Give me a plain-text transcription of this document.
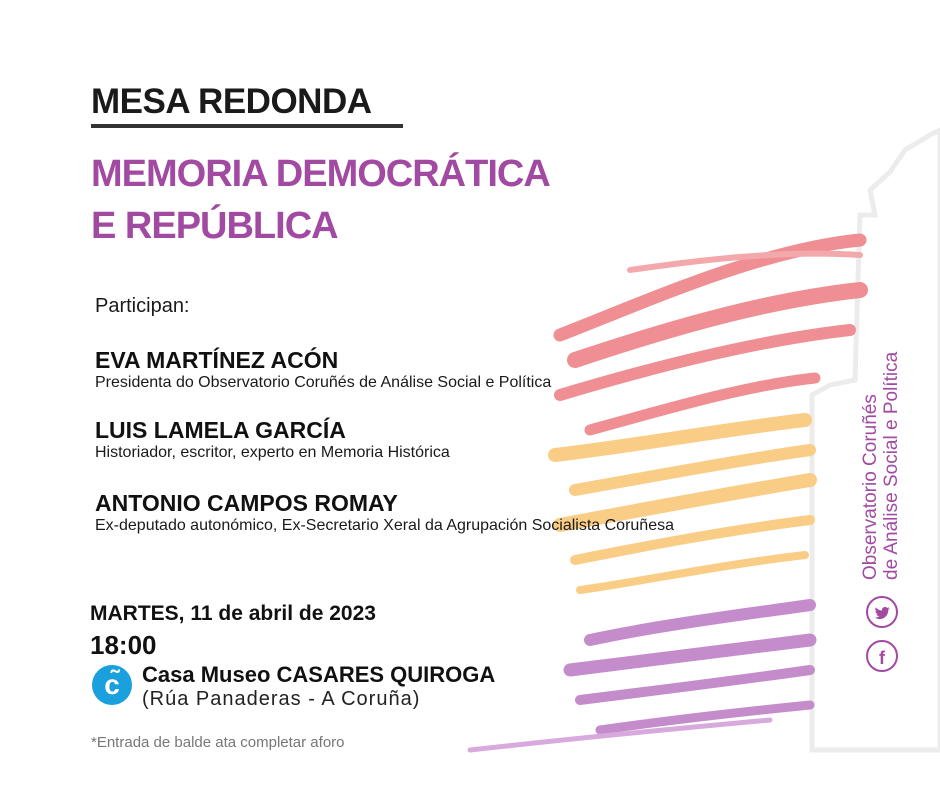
MESA REDONDA
MEMORIA DEMOCRÁTICA
E REPÚBLICA
Participan:
EVA MARTÍNEZ ACÓN
Presidenta do Observatorio Coruñés de Análise Social e Política
LUIS LAMELA GARCÍA
Historiador, escritor, experto en Memoria Histórica
ANTONIO CAMPOS ROMAY
Ex-deputado autonómico, Ex-Secretario Xeral da Agrupación Socialista Coruñesa
MARTES, 11 de abril de 2023
18:00
c̃	Casa Museo CASARES QUIROGA
(Rúa Panaderas - A Coruña)
*Entrada de balde ata completar aforo
Observatorio Coruñés de Análise Social e Política
f
